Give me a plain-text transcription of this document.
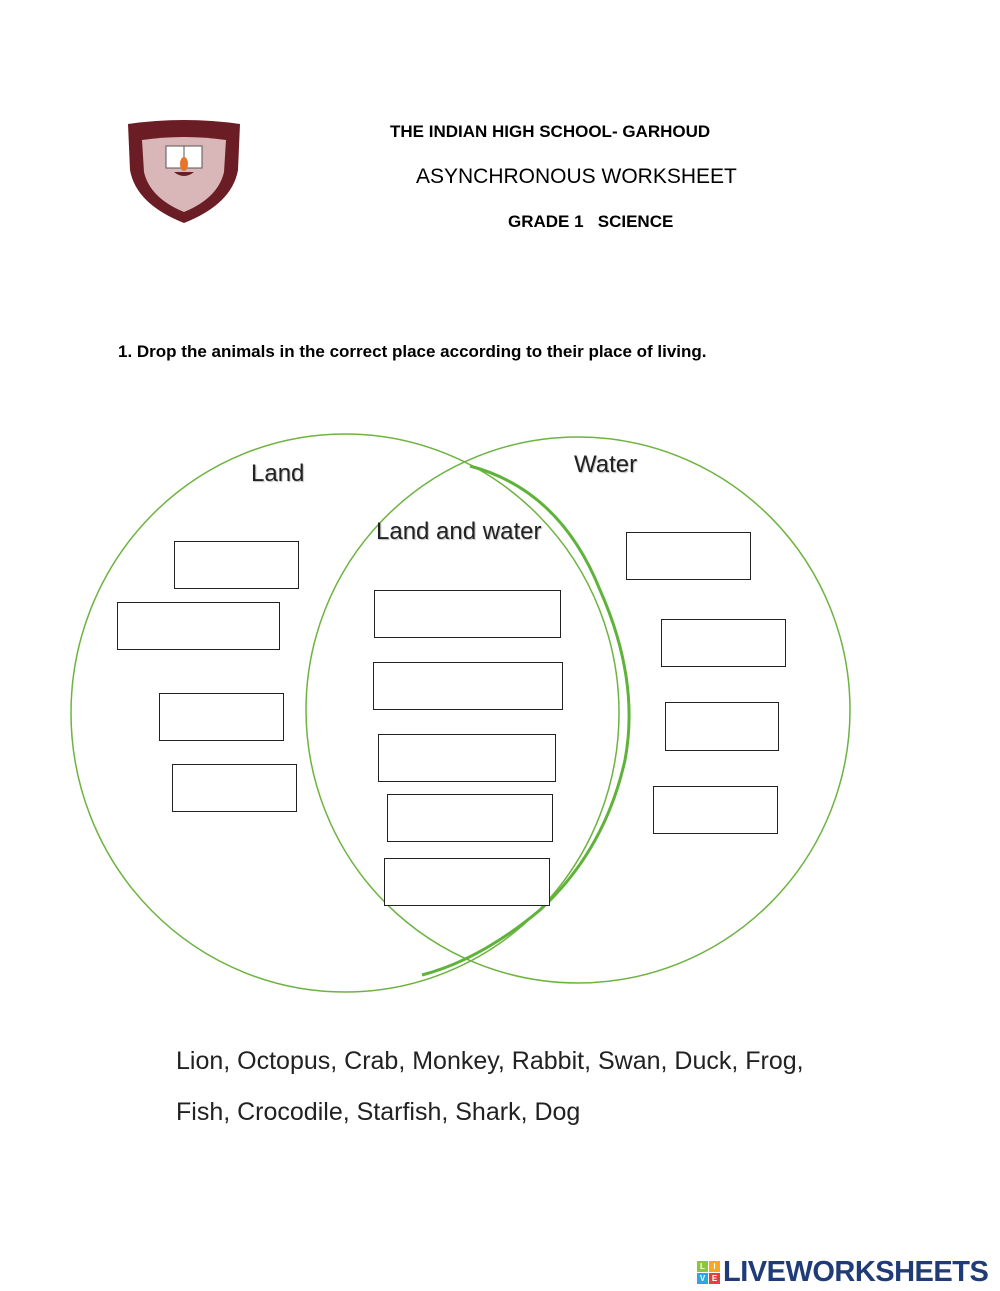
THE INDIAN HIGH SCHOOL- GARHOUD
ASYNCHRONOUS WORKSHEET
GRADE 1   SCIENCE
1. Drop the animals in the correct place according to their place of living.
Land	Water
Land and water
Lion, Octopus, Crab, Monkey, Rabbit, Swan, Duck, Frog,
Fish, Crocodile, Starfish, Shark, Dog
L	I
V E LIVEWORKSHEETS
